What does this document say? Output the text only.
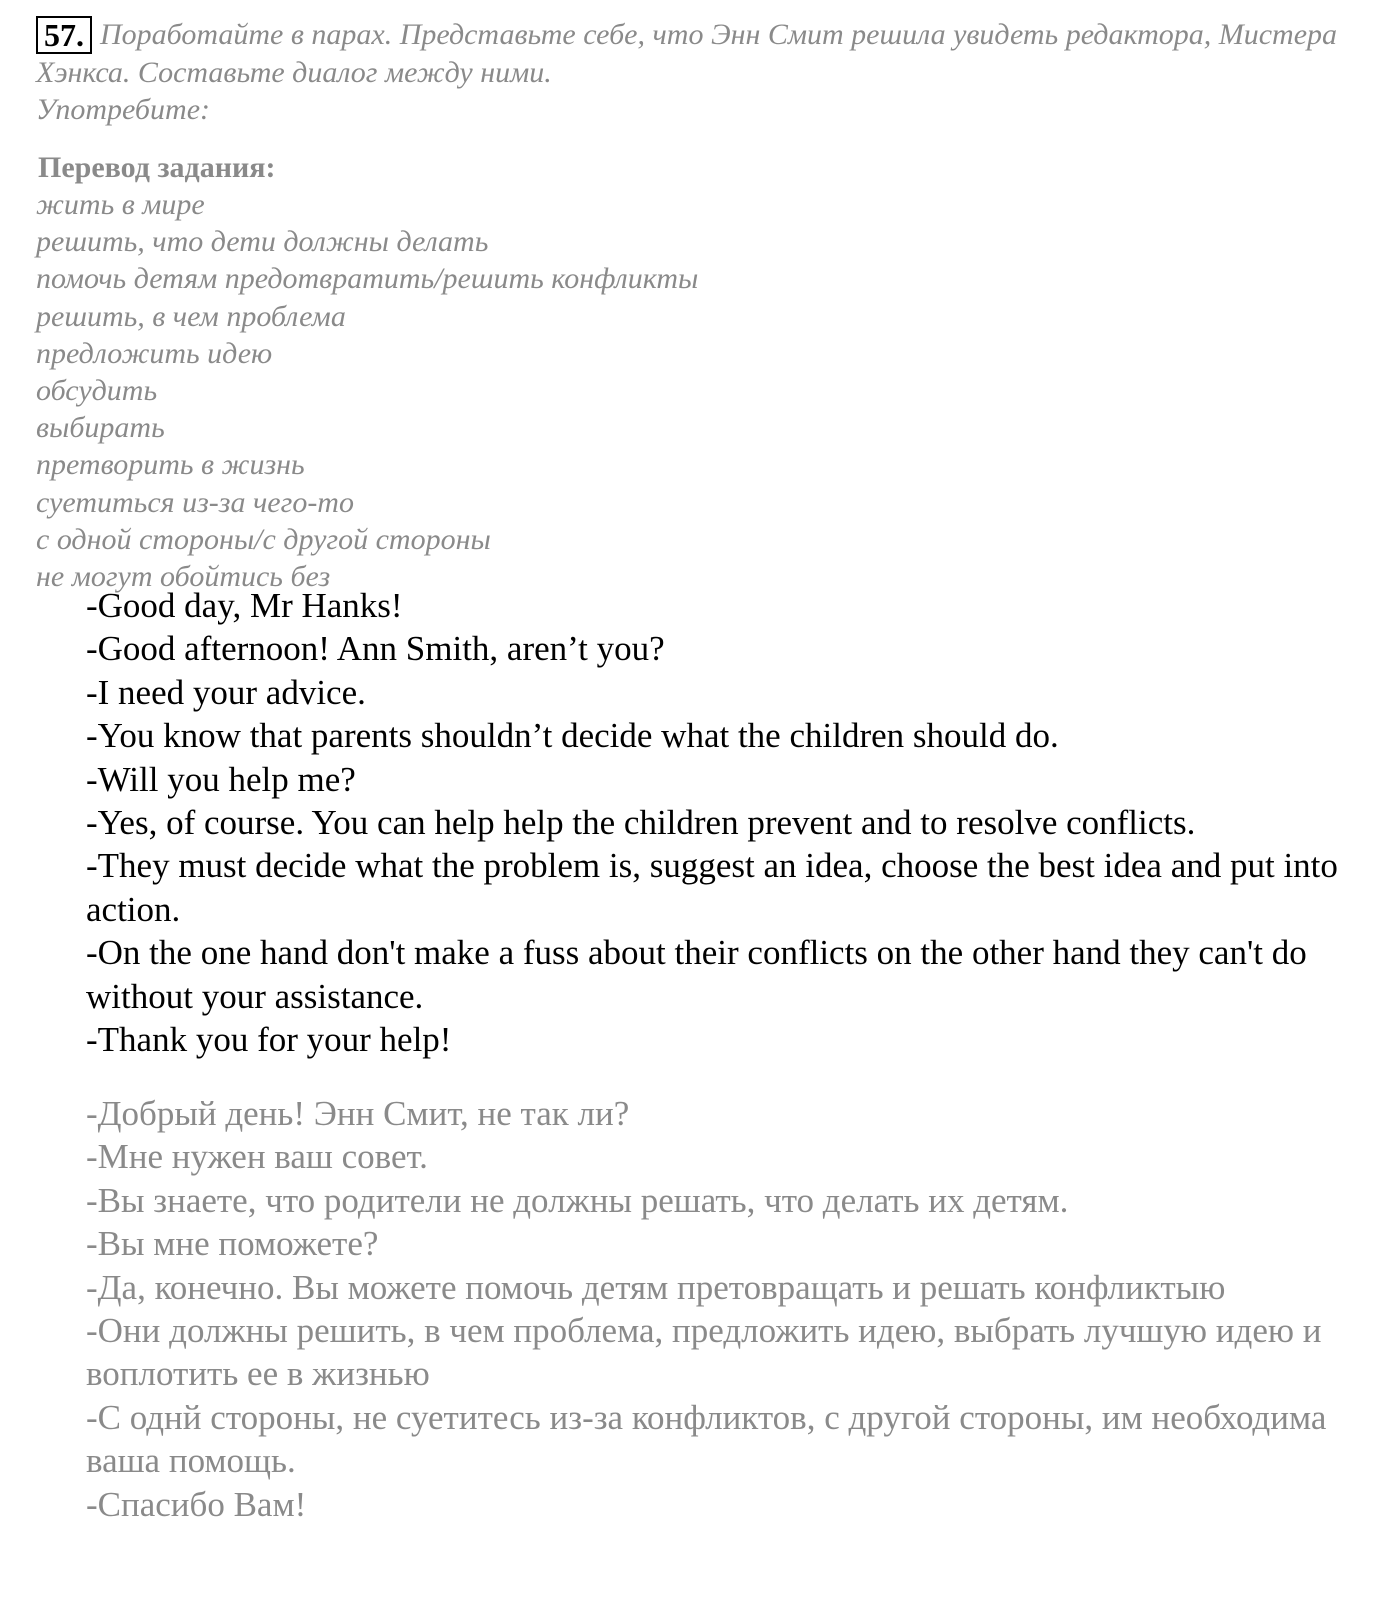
57. Поработайте в парах. Представьте себе, что Энн Смит решила увидеть редактора, Мистера Хэнкса. Составьте диалог между ними.
Употребите:
Перевод задания:
жить в мире
решить, что дети должны делать
помочь детям предотвратить/решить конфликты
решить, в чем проблема
предложить идею
обсудить
выбирать
претворить в жизнь
суетиться из-за чего-то
с одной стороны/с другой стороны
не могут обойтись без
-Good day, Mr Hanks!
-Good afternoon! Ann Smith, aren’t you?
-I need your advice.
-You know that parents shouldn’t decide what the children should do.
-Will you help me?
-Yes, of course. You can help help the children prevent and to resolve conflicts.
-They must decide what the problem is, suggest an idea, choose the best idea and put into action.
-On the one hand don't make a fuss about their conflicts on the other hand they can't do without your assistance.
-Thank you for your help!
-Добрый день! Энн Смит, не так ли?
-Мне нужен ваш совет.
-Вы знаете, что родители не должны решать, что делать их детям.
-Вы мне поможете?
-Да, конечно. Вы можете помочь детям претовращать и решать конфликтыю
-Они должны решить, в чем проблема, предложить идею, выбрать лучшую идею и воплотить ее в жизнью
-С однй стороны, не суетитесь из-за конфликтов, с другой стороны, им необходима ваша помощь.
-Спасибо Вам!
